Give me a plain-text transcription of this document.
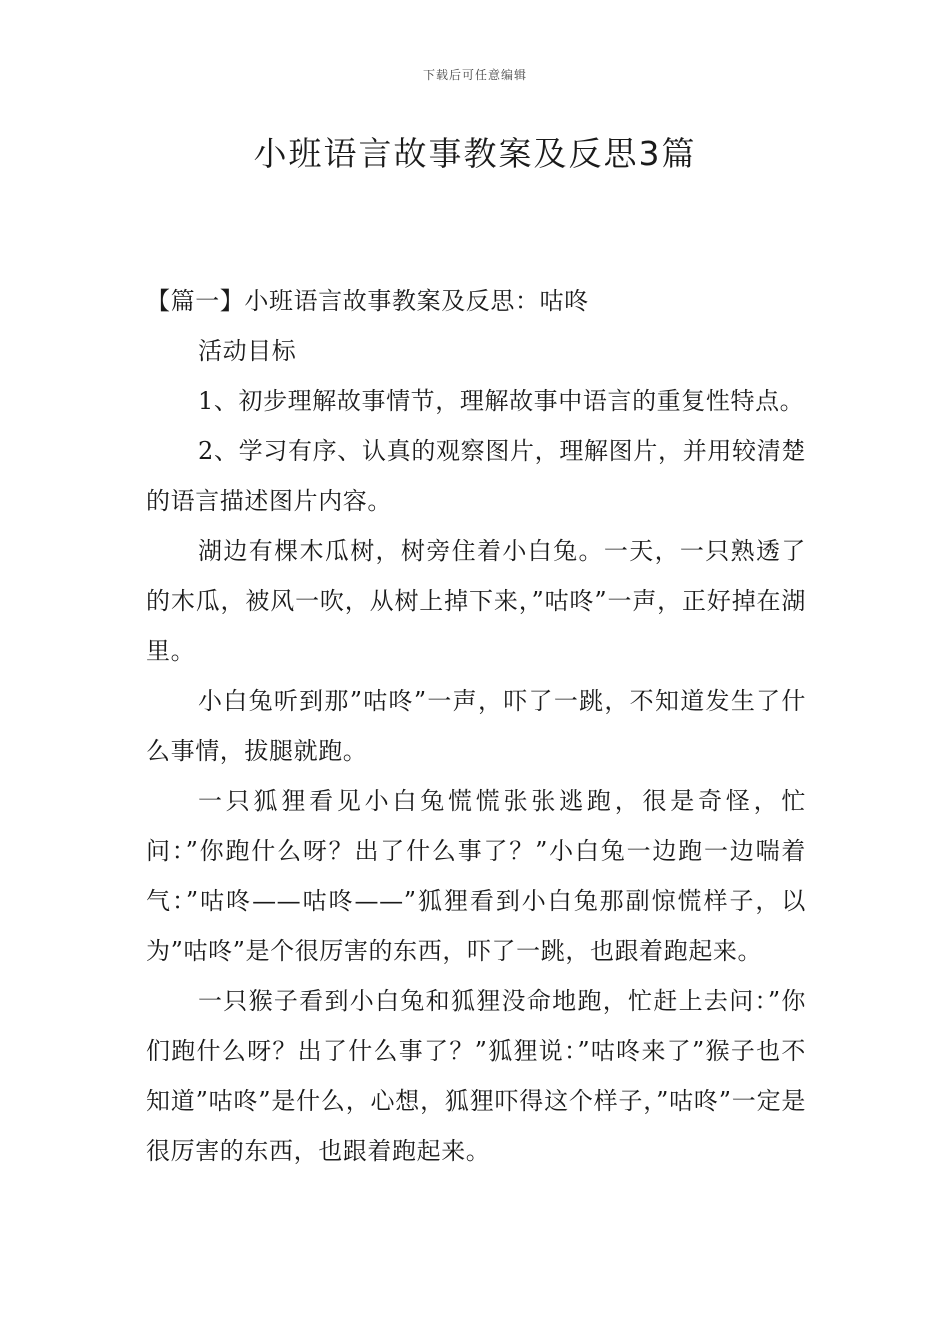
下载后可任意编辑
小班语言故事教案及反思3篇

【篇一】小班语言故事教案及反思：咕咚

活动目标

1、初步理解故事情节，理解故事中语言的重复性特点。

2、学习有序、认真的观察图片，理解图片，并用较清楚的语言描述图片内容。

湖边有棵木瓜树，树旁住着小白兔。一天，一只熟透了的木瓜，被风一吹，从树上掉下来，”咕咚”一声，正好掉在湖里。

小白兔听到那”咕咚”一声，吓了一跳，不知道发生了什么事情，拔腿就跑。

一只狐狸看见小白兔慌慌张张逃跑，很是奇怪，忙问：”你跑什么呀？出了什么事了？”小白兔一边跑一边喘着气：”咕咚——咕咚——”狐狸看到小白兔那副惊慌样子，以为”咕咚”是个很厉害的东西，吓了一跳，也跟着跑起来。

一只猴子看到小白兔和狐狸没命地跑，忙赶上去问：”你们跑什么呀？出了什么事了？”狐狸说：”咕咚来了”猴子也不知道”咕咚”是什么，心想，狐狸吓得这个样子，”咕咚”一定是很厉害的东西，也跟着跑起来。
